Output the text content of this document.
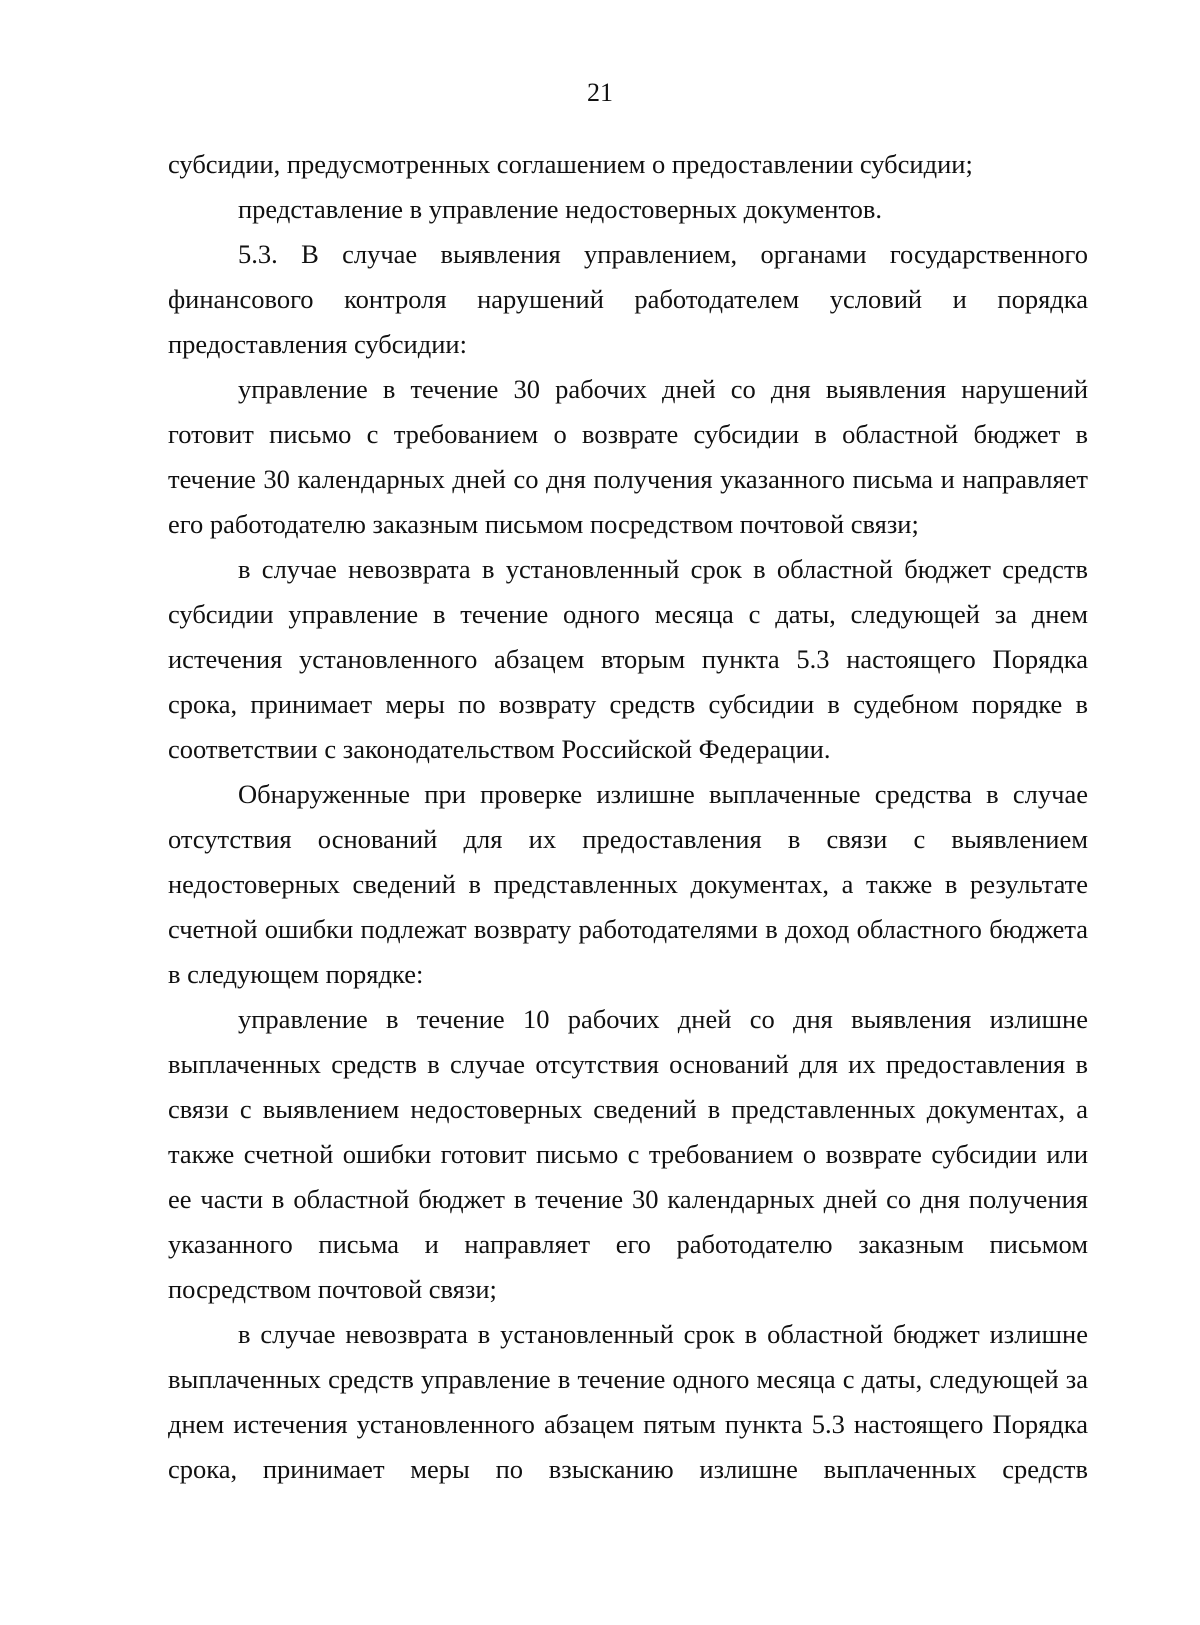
21

субсидии, предусмотренных соглашением о предоставлении субсидии;

представление в управление недостоверных документов.

5.3. В случае выявления управлением, органами государственного финансового контроля нарушений работодателем условий и порядка предоставления субсидии:

управление в течение 30 рабочих дней со дня выявления нарушений готовит письмо с требованием о возврате субсидии в областной бюджет в течение 30 календарных дней со дня получения указанного письма и направляет его работодателю заказным письмом посредством почтовой связи;

в случае невозврата в установленный срок в областной бюджет средств субсидии управление в течение одного месяца с даты, следующей за днем истечения установленного абзацем вторым пункта 5.3 настоящего Порядка срока, принимает меры по возврату средств субсидии в судебном порядке в соответствии с законодательством Российской Федерации.

Обнаруженные при проверке излишне выплаченные средства в случае отсутствия оснований для их предоставления в связи с выявлением недостоверных сведений в представленных документах, а также в результате счетной ошибки подлежат возврату работодателями в доход областного бюджета в следующем порядке:

управление в течение 10 рабочих дней со дня выявления излишне выплаченных средств в случае отсутствия оснований для их предоставления в связи с выявлением недостоверных сведений в представленных документах, а также счетной ошибки готовит письмо с требованием о возврате субсидии или ее части в областной бюджет в течение 30 календарных дней со дня получения указанного письма и направляет его работодателю заказным письмом посредством почтовой связи;

в случае невозврата в установленный срок в областной бюджет излишне выплаченных средств управление в течение одного месяца с даты, следующей за днем истечения установленного абзацем пятым пункта 5.3 настоящего Порядка срока, принимает меры по взысканию излишне выплаченных средств
